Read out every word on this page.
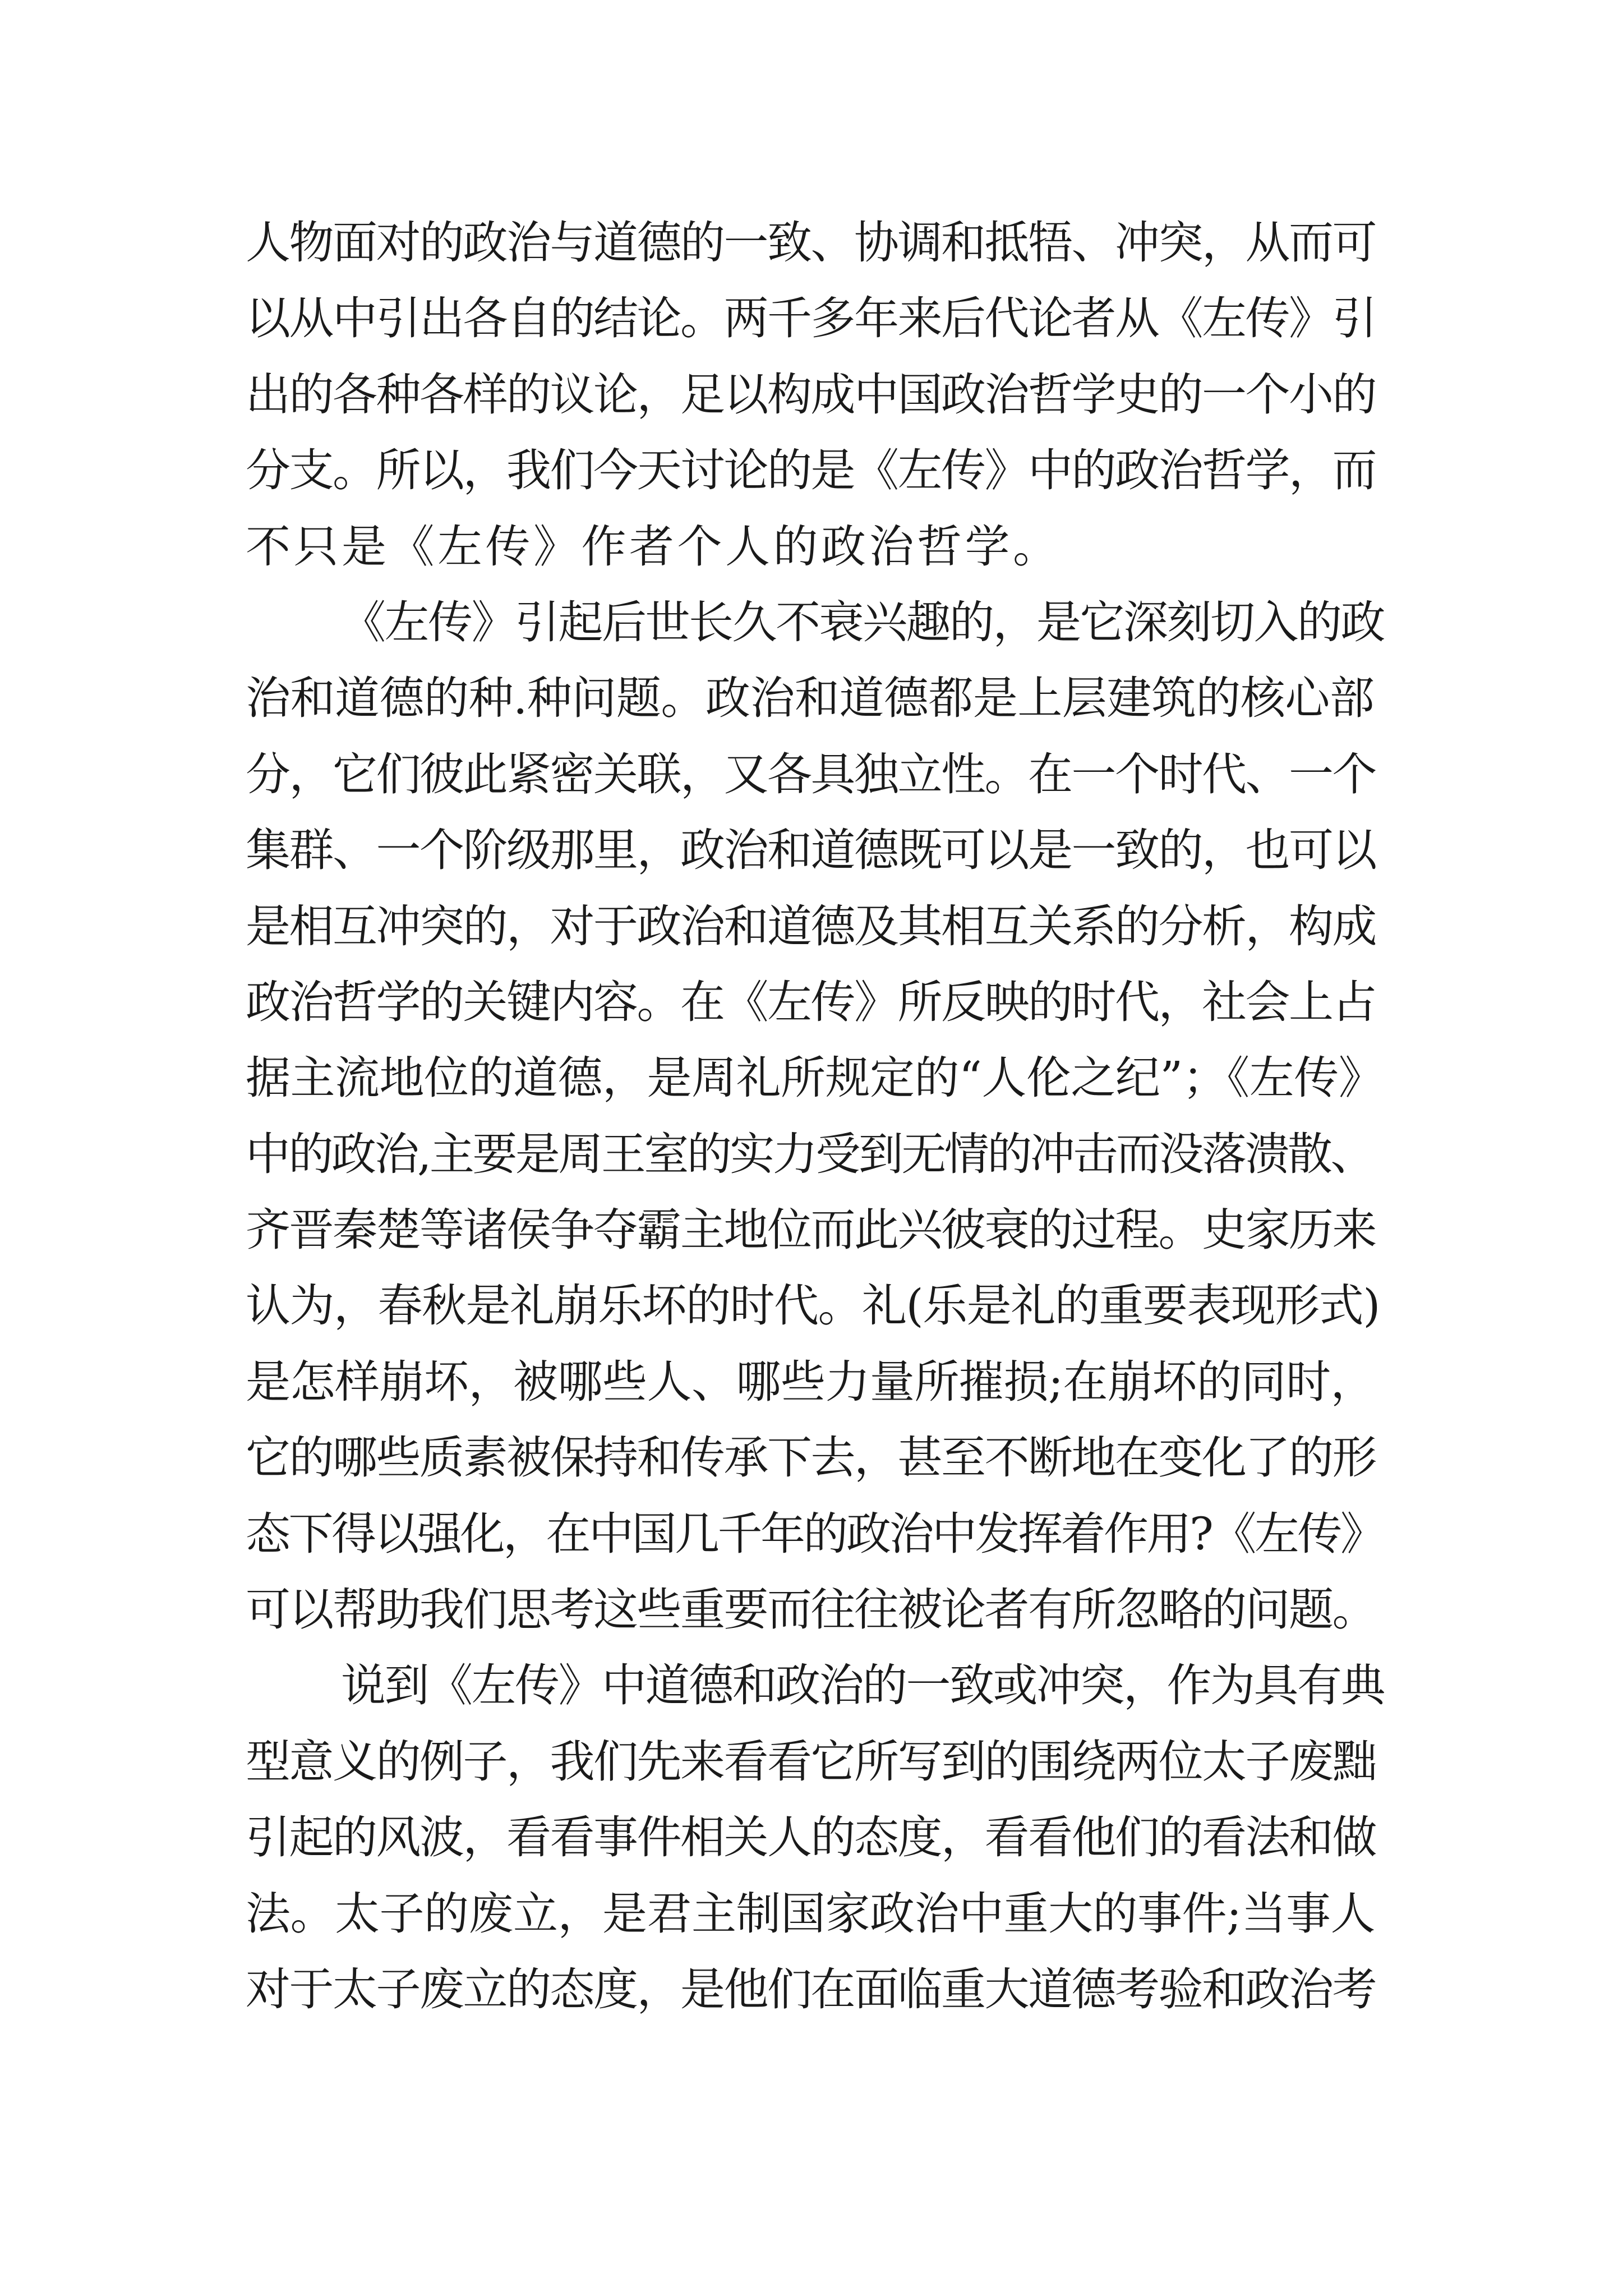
人物面对的政治与道德的一致、协调和抵牾、冲突，从而可
以从中引出各自的结论。两千多年来后代论者从《左传》引
出的各种各样的议论，足以构成中国政治哲学史的一个小的
分支。所以，我们今天讨论的是《左传》中的政治哲学，而
不只是《左传》作者个人的政治哲学。
《左传》引起后世长久不衰兴趣的，是它深刻切入的政
治和道德的种.种问题。政治和道德都是上层建筑的核心部
分，它们彼此紧密关联，又各具独立性。在一个时代、一个
集群、一个阶级那里，政治和道德既可以是一致的，也可以
是相互冲突的，对于政治和道德及其相互关系的分析，构成
政治哲学的关键内容。在《左传》所反映的时代，社会上占
据主流地位的道德，是周礼所规定的“人伦之纪”；《左传》
中的政治,主要是周王室的实力受到无情的冲击而没落溃散、
齐晋秦楚等诸侯争夺霸主地位而此兴彼衰的过程。史家历来
认为，春秋是礼崩乐坏的时代。礼(乐是礼的重要表现形式)
是怎样崩坏，被哪些人、哪些力量所摧损;在崩坏的同时，
它的哪些质素被保持和传承下去，甚至不断地在变化了的形
态下得以强化，在中国几千年的政治中发挥着作用?《左传》
可以帮助我们思考这些重要而往往被论者有所忽略的问题。
说到《左传》中道德和政治的一致或冲突，作为具有典
型意义的例子，我们先来看看它所写到的围绕两位太子废黜
引起的风波，看看事件相关人的态度，看看他们的看法和做
法。太子的废立，是君主制国家政治中重大的事件;当事人
对于太子废立的态度，是他们在面临重大道德考验和政治考
